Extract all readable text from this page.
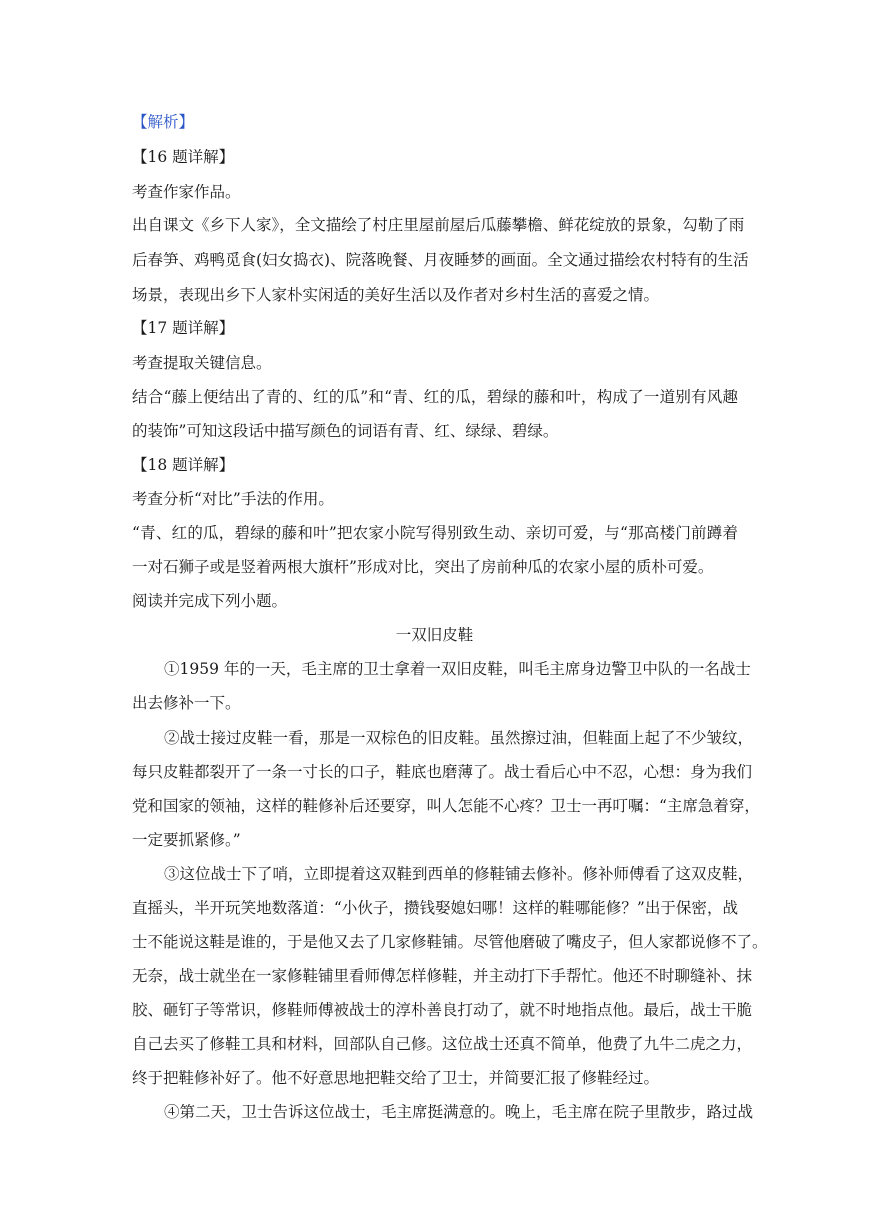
【解析】
【16 题详解】
考查作家作品。
出自课文《乡下人家》，全文描绘了村庄里屋前屋后瓜藤攀檐、鲜花绽放的景象，勾勒了雨
后春笋、鸡鸭觅食(妇女捣衣)、院落晚餐、月夜睡梦的画面。全文通过描绘农村特有的生活
场景，表现出乡下人家朴实闲适的美好生活以及作者对乡村生活的喜爱之情。
【17 题详解】
考查提取关键信息。
结合“藤上便结出了青的、红的瓜”和“青、红的瓜，碧绿的藤和叶，构成了一道别有风趣
的装饰”可知这段话中描写颜色的词语有青、红、绿绿、碧绿。
【18 题详解】
考查分析“对比”手法的作用。
“青、红的瓜，碧绿的藤和叶”把农家小院写得别致生动、亲切可爱，与“那高楼门前蹲着
一对石狮子或是竖着两根大旗杆”形成对比，突出了房前种瓜的农家小屋的质朴可爱。
阅读并完成下列小题。
一双旧皮鞋
①1959 年的一天，毛主席的卫士拿着一双旧皮鞋，叫毛主席身边警卫中队的一名战士
出去修补一下。
②战士接过皮鞋一看，那是一双棕色的旧皮鞋。虽然擦过油，但鞋面上起了不少皱纹，
每只皮鞋都裂开了一条一寸长的口子，鞋底也磨薄了。战士看后心中不忍，心想：身为我们
党和国家的领袖，这样的鞋修补后还要穿，叫人怎能不心疼？卫士一再叮嘱：“主席急着穿，
一定要抓紧修。”
③这位战士下了哨，立即提着这双鞋到西单的修鞋铺去修补。修补师傅看了这双皮鞋，
直摇头，半开玩笑地数落道：“小伙子，攒钱娶媳妇哪！这样的鞋哪能修？”出于保密，战
士不能说这鞋是谁的，于是他又去了几家修鞋铺。尽管他磨破了嘴皮子，但人家都说修不了。
无奈，战士就坐在一家修鞋铺里看师傅怎样修鞋，并主动打下手帮忙。他还不时聊缝补、抹
胶、砸钉子等常识，修鞋师傅被战士的淳朴善良打动了，就不时地指点他。最后，战士干脆
自己去买了修鞋工具和材料，回部队自己修。这位战士还真不简单，他费了九牛二虎之力，
终于把鞋修补好了。他不好意思地把鞋交给了卫士，并简要汇报了修鞋经过。
④第二天，卫士告诉这位战士，毛主席挺满意的。晚上，毛主席在院子里散步，路过战
